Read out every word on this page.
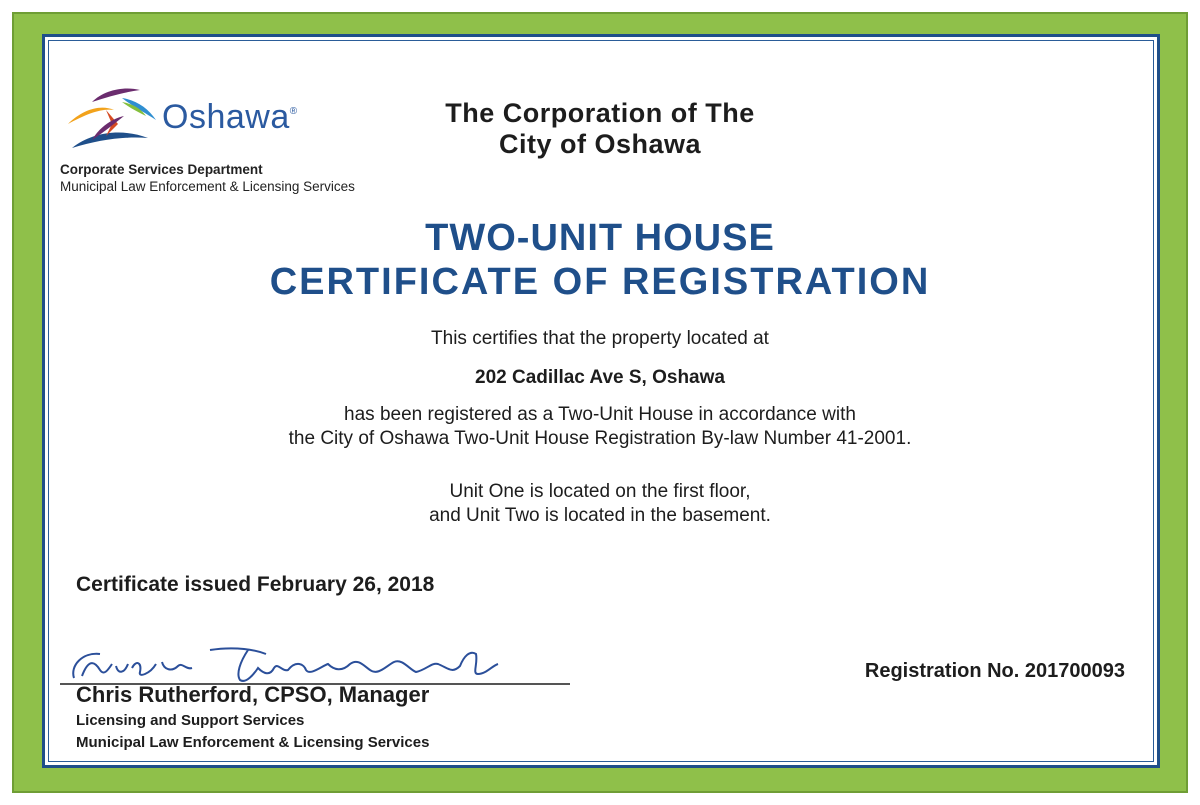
Oshawa®
Corporate Services Department
Municipal Law Enforcement & Licensing Services
The Corporation of The
City of Oshawa
TWO-UNIT HOUSE
CERTIFICATE OF REGISTRATION
This certifies that the property located at
202 Cadillac Ave S, Oshawa
has been registered as a Two-Unit House in accordance with
the City of Oshawa Two-Unit House Registration By-law Number 41-2001.
Unit One is located on the first floor,
and Unit Two is located in the basement.
Certificate issued February 26, 2018
Chris Rutherford, CPSO, Manager
Licensing and Support Services
Municipal Law Enforcement & Licensing Services
Registration No. 201700093
